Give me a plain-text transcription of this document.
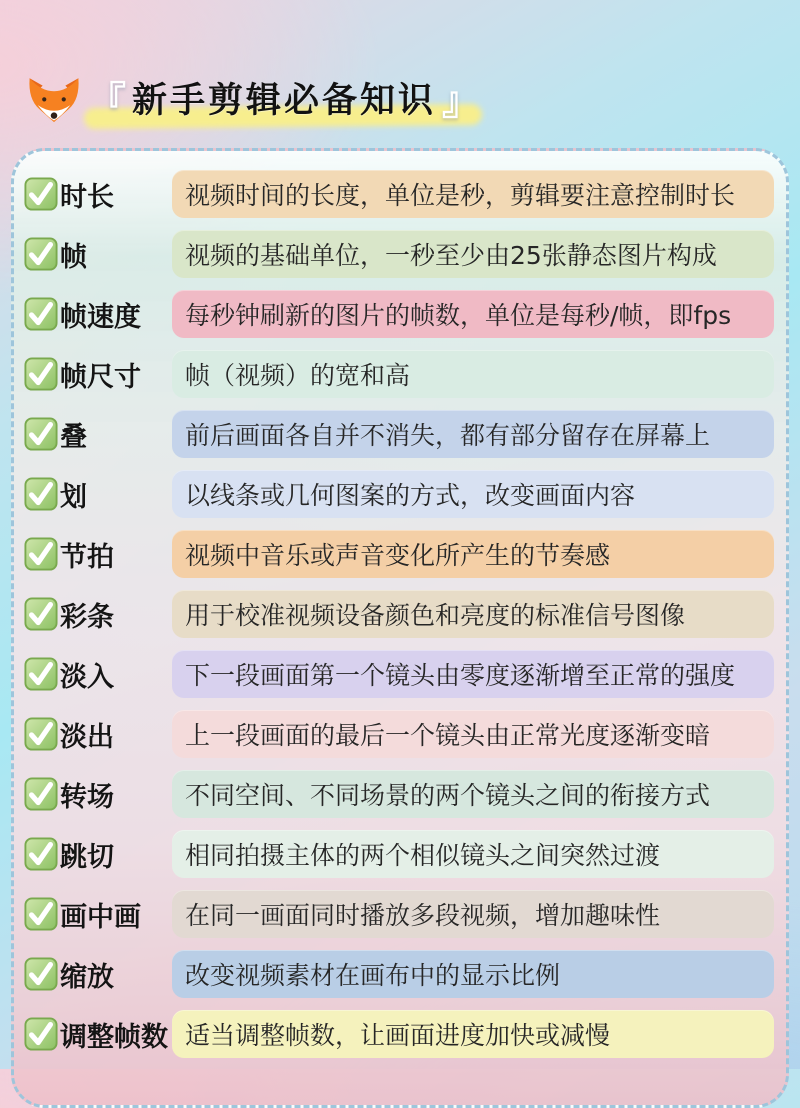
『 新手剪辑必备知识 』
时长	视频时间的长度，单位是秒，剪辑要注意控制时长
帧	视频的基础单位，一秒至少由25张静态图片构成
帧速度 每秒钟刷新的图片的帧数，单位是每秒/帧，即fps
帧尺寸 帧（视频）的宽和高
叠	前后画面各自并不消失，都有部分留存在屏幕上
划	以线条或几何图案的方式，改变画面内容
节拍	视频中音乐或声音变化所产生的节奏感
彩条	用于校准视频设备颜色和亮度的标准信号图像
淡入	下一段画面第一个镜头由零度逐渐增至正常的强度
淡出	上一段画面的最后一个镜头由正常光度逐渐变暗
转场	不同空间、不同场景的两个镜头之间的衔接方式
跳切	相同拍摄主体的两个相似镜头之间突然过渡
画中画 在同一画面同时播放多段视频，增加趣味性
缩放	改变视频素材在画布中的显示比例
调整帧数 适当调整帧数，让画面进度加快或减慢
